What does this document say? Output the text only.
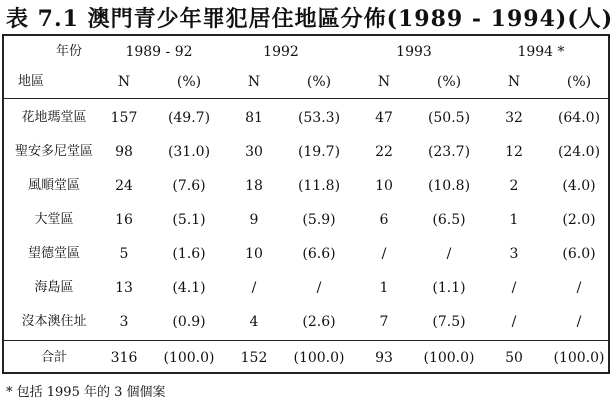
表 7.1 澳門青少年罪犯居住地區分佈(1989 - 1994)(人)
年份	1989 - 92	1992	1993	1994 *
地區	N	(%)	N	(%)	N	(%)	N	(%)
花地瑪堂區	157	(49.7)	81	(53.3)	47	(50.5)	32	(64.0)
聖安多尼堂區	98	(31.0)	30	(19.7)	22	(23.7)	12	(24.0)
風順堂區	24	(7.6)	18	(11.8)	10	(10.8)	2	(4.0)
大堂區	16	(5.1)	9	(5.9)	6	(6.5)	1	(2.0)
望德堂區	5	(1.6)	10	(6.6)	/	/	3	(6.0)
海島區	13	(4.1)	/	/	1	(1.1)	/	/
沒本澳住址	3	(0.9)	4	(2.6)	7	(7.5)	/	/
合計	316	(100.0)	152	(100.0)	93	(100.0)	50	(100.0)
* 包括 1995 年的 3 個個案
